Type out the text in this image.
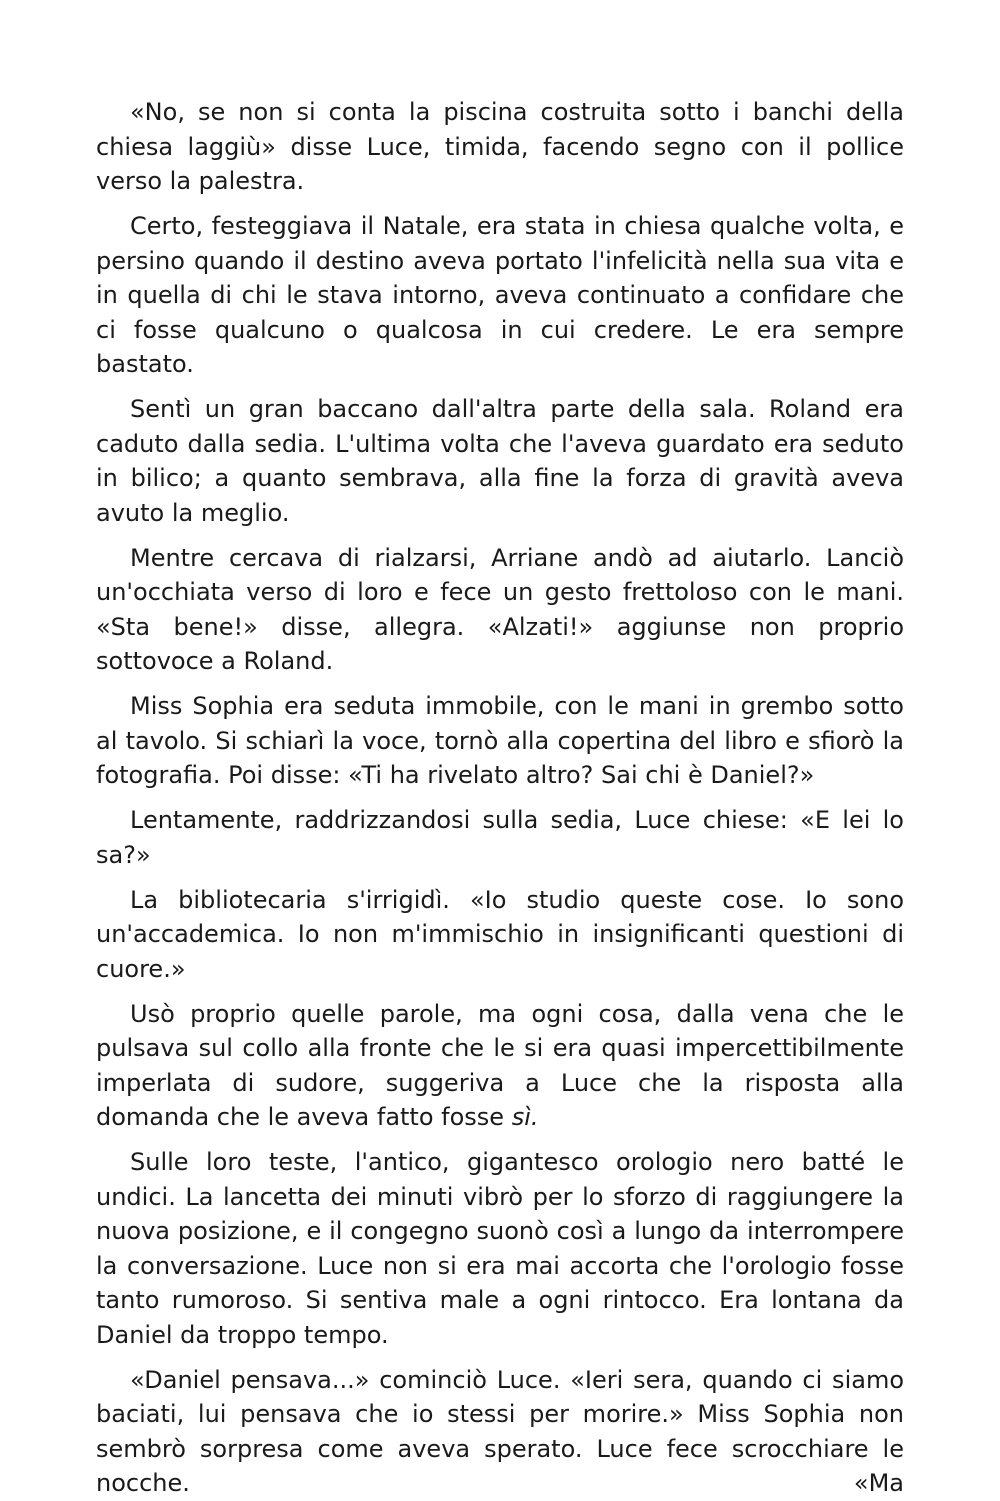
«No, se non si conta la piscina costruita sotto i banchi della chiesa laggiù» disse Luce, timida, facendo segno con il pollice verso la palestra.

Certo, festeggiava il Natale, era stata in chiesa qualche volta, e persino quando il destino aveva portato l'infelicità nella sua vita e in quella di chi le stava intorno, aveva continuato a confidare che ci fosse qualcuno o qualcosa in cui credere. Le era sempre bastato.

Sentì un gran baccano dall'altra parte della sala. Roland era caduto dalla sedia. L'ultima volta che l'aveva guardato era seduto in bilico; a quanto sembrava, alla fine la forza di gravità aveva avuto la meglio.

Mentre cercava di rialzarsi, Arriane andò ad aiutarlo. Lanciò un'occhiata verso di loro e fece un gesto frettoloso con le mani. «Sta bene!» disse, allegra. «Alzati!» aggiunse non proprio sottovoce a Roland.

Miss Sophia era seduta immobile, con le mani in grembo sotto al tavolo. Si schiarì la voce, tornò alla copertina del libro e sfiorò la fotografia. Poi disse: «Ti ha rivelato altro? Sai chi è Daniel?»

Lentamente, raddrizzandosi sulla sedia, Luce chiese: «E lei lo sa?»

La bibliotecaria s'irrigidì. «Io studio queste cose. Io sono un'accademica. Io non m'immischio in insignificanti questioni di cuore.»

Usò proprio quelle parole, ma ogni cosa, dalla vena che le pulsava sul collo alla fronte che le si era quasi impercettibilmente imperlata di sudore, suggeriva a Luce che la risposta alla domanda che le aveva fatto fosse sì.

Sulle loro teste, l'antico, gigantesco orologio nero batté le undici. La lancetta dei minuti vibrò per lo sforzo di raggiungere la nuova posizione, e il congegno suonò così a lungo da interrompere la conversazione. Luce non si era mai accorta che l'orologio fosse tanto rumoroso. Si sentiva male a ogni rintocco. Era lontana da Daniel da troppo tempo.

«Daniel pensava...» cominciò Luce. «Ieri sera, quando ci siamo baciati, lui pensava che io stessi per morire.» Miss Sophia non sembrò sorpresa come aveva sperato. Luce fece scrocchiare le nocche. «Ma
